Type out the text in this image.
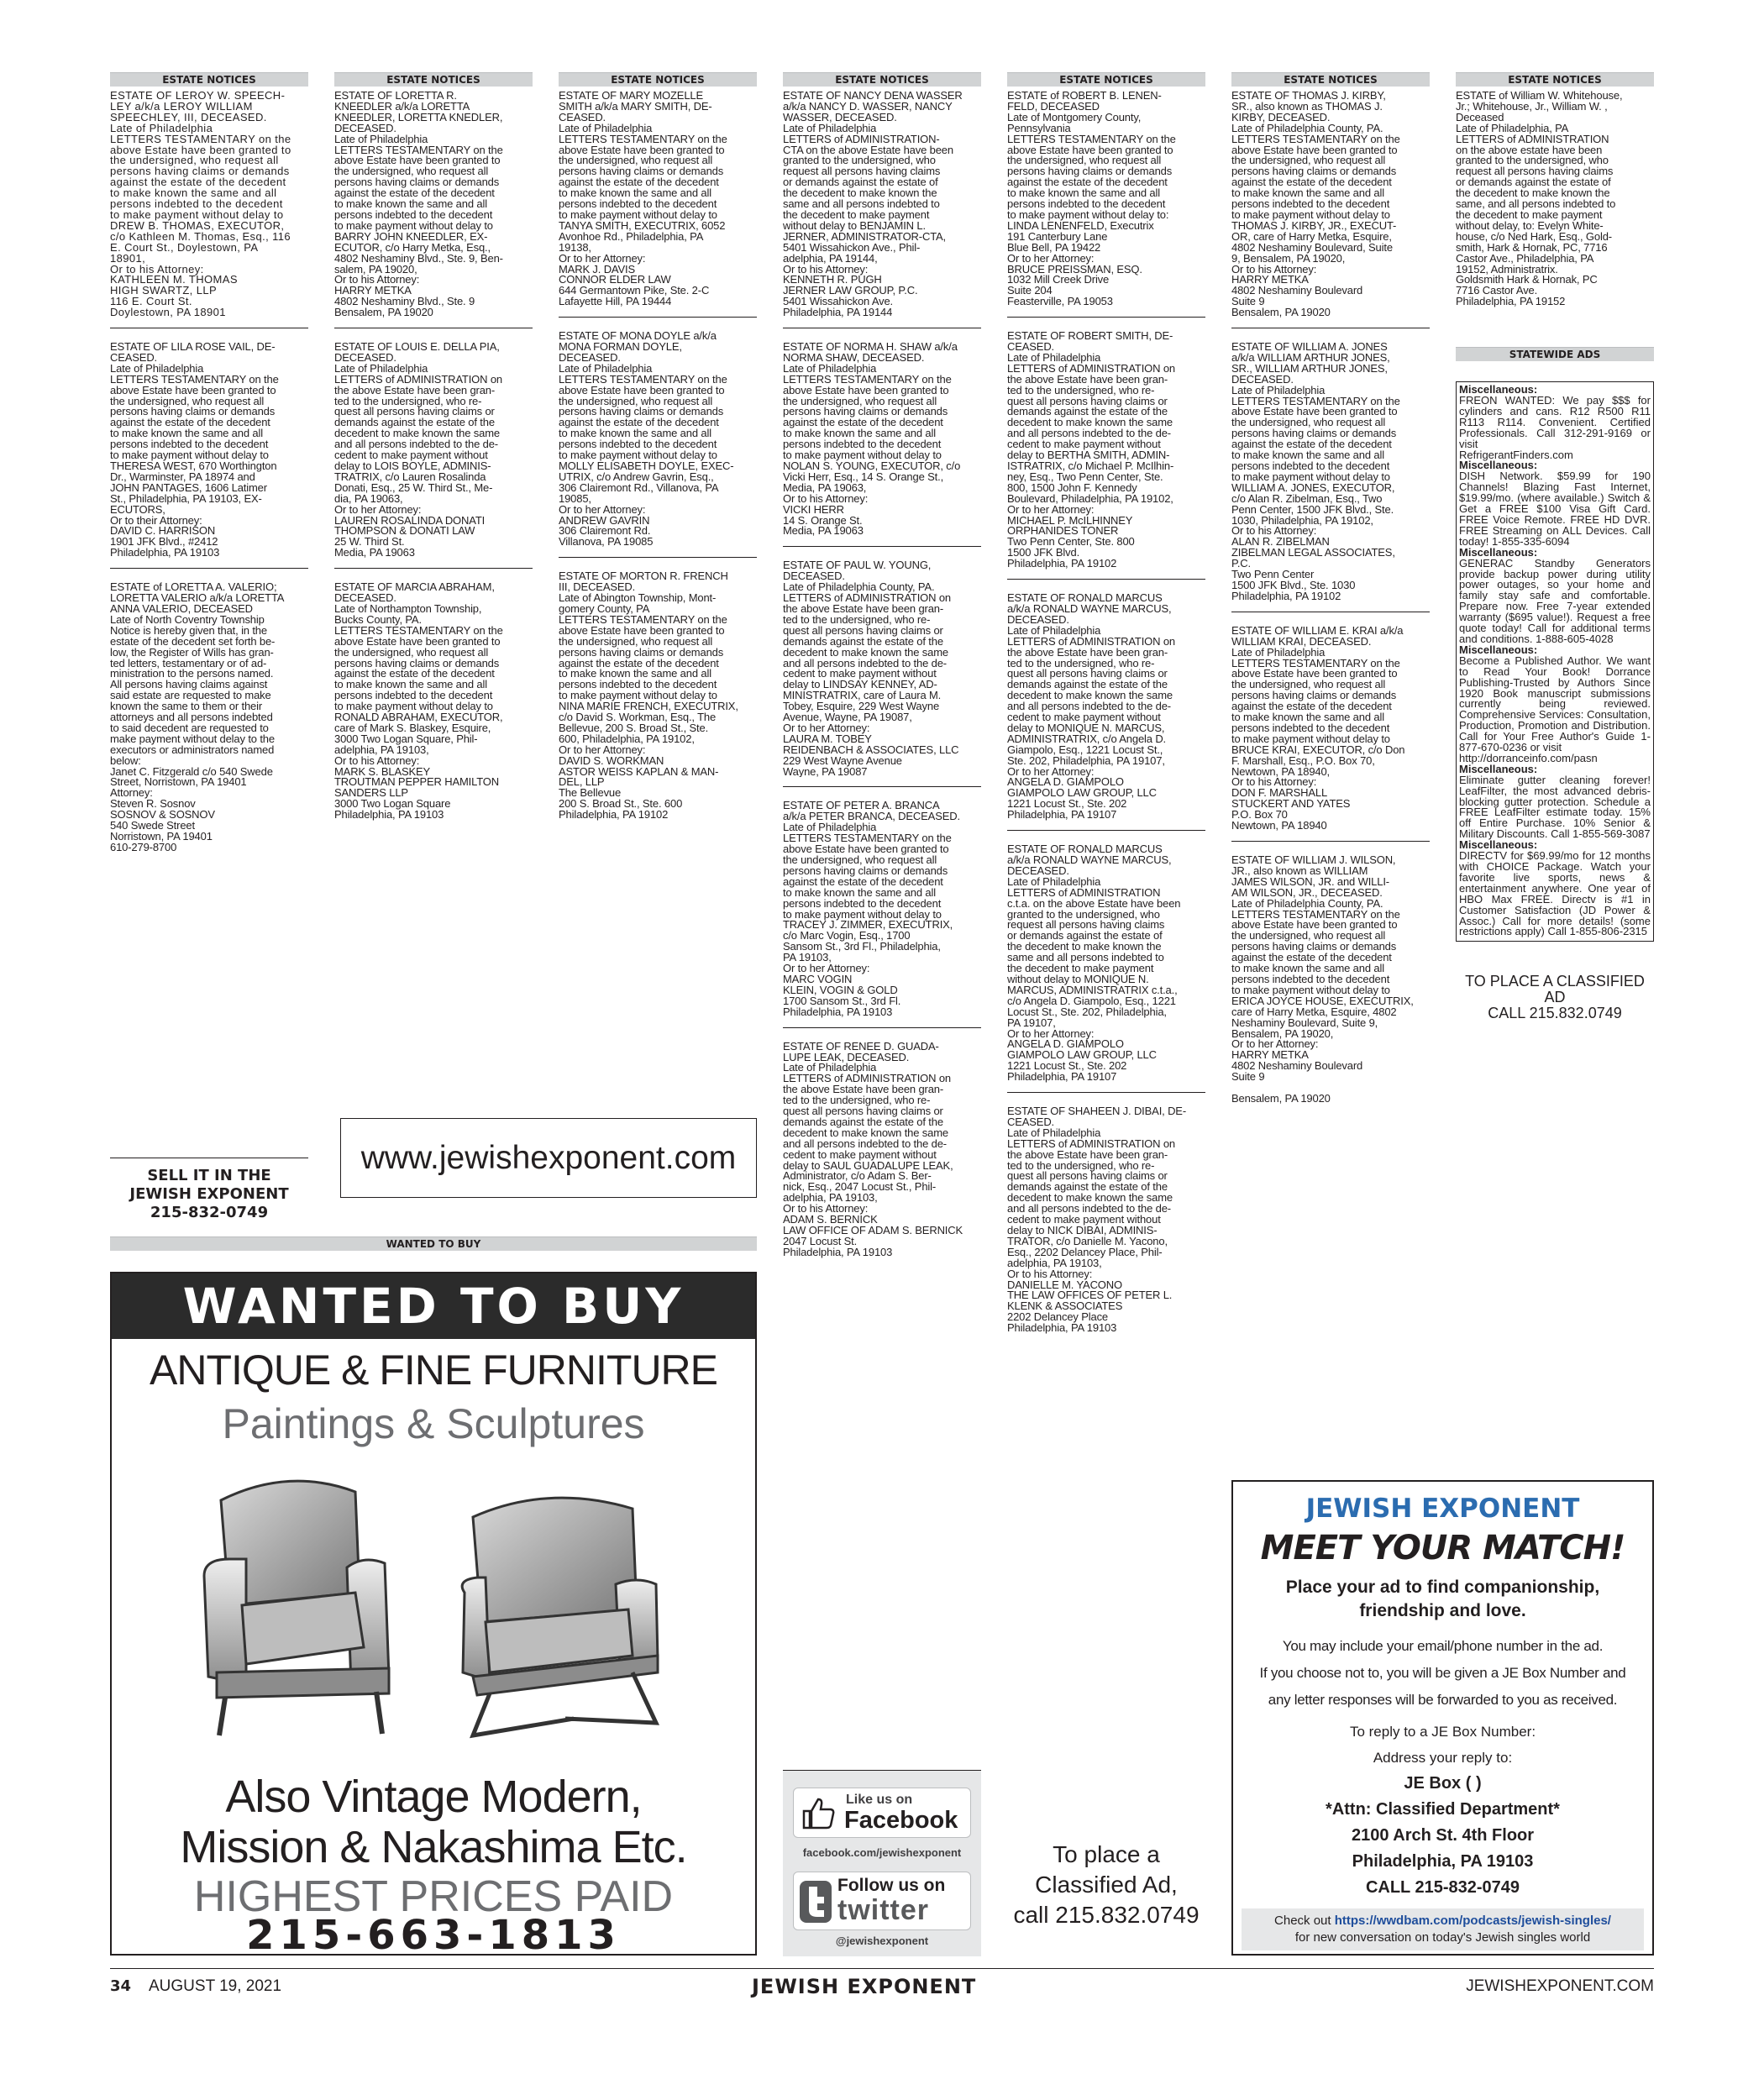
ESTATE NOTICES
ESTATE OF LEROY W. SPEECH-
LEY a/k/a LEROY WILLIAM
SPEECHLEY, III, DECEASED.
Late of Philadelphia
LETTERS TESTAMENTARY on the
above Estate have been granted to
the undersigned, who request all
persons having claims or demands
against the estate of the decedent
to make known the same and all
persons indebted to the decedent
to make payment without delay to
DREW B. THOMAS, EXECUTOR,
c/o Kathleen M. Thomas, Esq., 116
E. Court St., Doylestown, PA
18901,
Or to his Attorney:
KATHLEEN M. THOMAS
HIGH SWARTZ, LLP
116 E. Court St.
Doylestown, PA 18901
ESTATE OF LILA ROSE VAIL, DE-
CEASED.
Late of Philadelphia
LETTERS TESTAMENTARY on the
above Estate have been granted to
the undersigned, who request all
persons having claims or demands
against the estate of the decedent
to make known the same and all
persons indebted to the decedent
to make payment without delay to
THERESA WEST, 670 Worthington
Dr., Warminster, PA 18974 and
JOHN PANTAGES, 1606 Latimer
St., Philadelphia, PA 19103, EX-
ECUTORS,
Or to their Attorney:
DAVID C. HARRISON
1901 JFK Blvd., #2412
Philadelphia, PA 19103
ESTATE of LORETTA A. VALERIO;
LORETTA VALERIO a/k/a LORETTA
ANNA VALERIO, DECEASED
Late of North Coventry Township
Notice is hereby given that, in the
estate of the decedent set forth be-
low, the Register of Wills has gran-
ted letters, testamentary or of ad-
ministration to the persons named.
All persons having claims against
said estate are requested to make
known the same to them or their
attorneys and all persons indebted
to said decedent are requested to
make payment without delay to the
executors or administrators named
below:
Janet C. Fitzgerald c/o 540 Swede
Street, Norristown, PA 19401
Attorney:
Steven R. Sosnov
SOSNOV & SOSNOV
540 Swede Street
Norristown, PA 19401
610-279-8700
ESTATE NOTICES
ESTATE OF LORETTA R.
KNEEDLER a/k/a LORETTA
KNEEDLER, LORETTA KNEDLER,
DECEASED.
Late of Philadelphia
LETTERS TESTAMENTARY on the
above Estate have been granted to
the undersigned, who request all
persons having claims or demands
against the estate of the decedent
to make known the same and all
persons indebted to the decedent
to make payment without delay to
BARRY JOHN KNEEDLER, EX-
ECUTOR, c/o Harry Metka, Esq.,
4802 Neshaminy Blvd., Ste. 9, Ben-
salem, PA 19020,
Or to his Attorney:
HARRY METKA
4802 Neshaminy Blvd., Ste. 9
Bensalem, PA 19020
ESTATE OF LOUIS E. DELLA PIA,
DECEASED.
Late of Philadelphia
LETTERS of ADMINISTRATION on
the above Estate have been gran-
ted to the undersigned, who re-
quest all persons having claims or
demands against the estate of the
decedent to make known the same
and all persons indebted to the de-
cedent to make payment without
delay to LOIS BOYLE, ADMINIS-
TRATRIX, c/o Lauren Rosalinda
Donati, Esq., 25 W. Third St., Me-
dia, PA 19063,
Or to her Attorney:
LAUREN ROSALINDA DONATI
THOMPSON & DONATI LAW
25 W. Third St.
Media, PA 19063
ESTATE OF MARCIA ABRAHAM,
DECEASED.
Late of Northampton Township,
Bucks County, PA.
LETTERS TESTAMENTARY on the
above Estate have been granted to
the undersigned, who request all
persons having claims or demands
against the estate of the decedent
to make known the same and all
persons indebted to the decedent
to make payment without delay to
RONALD ABRAHAM, EXECUTOR,
care of Mark S. Blaskey, Esquire,
3000 Two Logan Square, Phil-
adelphia, PA 19103,
Or to his Attorney:
MARK S. BLASKEY
TROUTMAN PEPPER HAMILTON
SANDERS LLP
3000 Two Logan Square
Philadelphia, PA 19103
ESTATE NOTICES
ESTATE OF MARY MOZELLE
SMITH a/k/a MARY SMITH, DE-
CEASED.
Late of Philadelphia
LETTERS TESTAMENTARY on the
above Estate have been granted to
the undersigned, who request all
persons having claims or demands
against the estate of the decedent
to make known the same and all
persons indebted to the decedent
to make payment without delay to
TANYA SMITH, EXECUTRIX, 6052
Avonhoe Rd., Philadelphia, PA
19138,
Or to her Attorney:
MARK J. DAVIS
CONNOR ELDER LAW
644 Germantown Pike, Ste. 2-C
Lafayette Hill, PA 19444
ESTATE OF MONA DOYLE a/k/a
MONA FORMAN DOYLE,
DECEASED.
Late of Philadelphia
LETTERS TESTAMENTARY on the
above Estate have been granted to
the undersigned, who request all
persons having claims or demands
against the estate of the decedent
to make known the same and all
persons indebted to the decedent
to make payment without delay to
MOLLY ELISABETH DOYLE, EXEC-
UTRIX, c/o Andrew Gavrin, Esq.,
306 Clairemont Rd., Villanova, PA
19085,
Or to her Attorney:
ANDREW GAVRIN
306 Clairemont Rd.
Villanova, PA 19085
ESTATE OF MORTON R. FRENCH
III, DECEASED.
Late of Abington Township, Mont-
gomery County, PA
LETTERS TESTAMENTARY on the
above Estate have been granted to
the undersigned, who request all
persons having claims or demands
against the estate of the decedent
to make known the same and all
persons indebted to the decedent
to make payment without delay to
NINA MARIE FRENCH, EXECUTRIX,
c/o David S. Workman, Esq., The
Bellevue, 200 S. Broad St., Ste.
600, Philadelphia, PA 19102,
Or to her Attorney:
DAVID S. WORKMAN
ASTOR WEISS KAPLAN & MAN-
DEL, LLP
The Bellevue
200 S. Broad St., Ste. 600
Philadelphia, PA 19102
ESTATE NOTICES
ESTATE OF NANCY DENA WASSER
a/k/a NANCY D. WASSER, NANCY
WASSER, DECEASED.
Late of Philadelphia
LETTERS of ADMINISTRATION-
CTA on the above Estate have been
granted to the undersigned, who
request all persons having claims
or demands against the estate of
the decedent to make known the
same and all persons indebted to
the decedent to make payment
without delay to BENJAMIN L.
JERNER, ADMINISTRATOR-CTA,
5401 Wissahickon Ave., Phil-
adelphia, PA 19144,
Or to his Attorney:
KENNETH R. PUGH
JERNER LAW GROUP, P.C.
5401 Wissahickon Ave.
Philadelphia, PA 19144
ESTATE OF NORMA H. SHAW a/k/a
NORMA SHAW, DECEASED.
Late of Philadelphia
LETTERS TESTAMENTARY on the
above Estate have been granted to
the undersigned, who request all
persons having claims or demands
against the estate of the decedent
to make known the same and all
persons indebted to the decedent
to make payment without delay to
NOLAN S. YOUNG, EXECUTOR, c/o
Vicki Herr, Esq., 14 S. Orange St.,
Media, PA 19063,
Or to his Attorney:
VICKI HERR
14 S. Orange St.
Media, PA 19063
ESTATE OF PAUL W. YOUNG,
DECEASED.
Late of Philadelphia County, PA.
LETTERS of ADMINISTRATION on
the above Estate have been gran-
ted to the undersigned, who re-
quest all persons having claims or
demands against the estate of the
decedent to make known the same
and all persons indebted to the de-
cedent to make payment without
delay to LINDSAY KENNEY, AD-
MINISTRATRIX, care of Laura M.
Tobey, Esquire, 229 West Wayne
Avenue, Wayne, PA 19087,
Or to her Attorney:
LAURA M. TOBEY
REIDENBACH & ASSOCIATES, LLC
229 West Wayne Avenue
Wayne, PA 19087
ESTATE OF PETER A. BRANCA
a/k/a PETER BRANCA, DECEASED.
Late of Philadelphia
LETTERS TESTAMENTARY on the
above Estate have been granted to
the undersigned, who request all
persons having claims or demands
against the estate of the decedent
to make known the same and all
persons indebted to the decedent
to make payment without delay to
TRACEY J. ZIMMER, EXECUTRIX,
c/o Marc Vogin, Esq., 1700
Sansom St., 3rd Fl., Philadelphia,
PA 19103,
Or to her Attorney:
MARC VOGIN
KLEIN, VOGIN & GOLD
1700 Sansom St., 3rd Fl.
Philadelphia, PA 19103
ESTATE OF RENEE D. GUADA-
LUPE LEAK, DECEASED.
Late of Philadelphia
LETTERS of ADMINISTRATION on
the above Estate have been gran-
ted to the undersigned, who re-
quest all persons having claims or
demands against the estate of the
decedent to make known the same
and all persons indebted to the de-
cedent to make payment without
delay to SAUL GUADALUPE LEAK,
Administrator, c/o Adam S. Ber-
nick, Esq., 2047 Locust St., Phil-
adelphia, PA 19103,
Or to his Attorney:
ADAM S. BERNICK
LAW OFFICE OF ADAM S. BERNICK
2047 Locust St.
Philadelphia, PA 19103
ESTATE NOTICES
ESTATE of ROBERT B. LENEN-
FELD, DECEASED
Late of Montgomery County,
Pennsylvania
LETTERS TESTAMENTARY on the
above Estate have been granted to
the undersigned, who request all
persons having claims or demands
against the estate of the decedent
to make known the same and all
persons indebted to the decedent
to make payment without delay to:
LINDA LENENFELD, Executrix
191 Canterbury Lane
Blue Bell, PA 19422
Or to her Attorney:
BRUCE PREISSMAN, ESQ.
1032 Mill Creek Drive
Suite 204
Feasterville, PA 19053
ESTATE OF ROBERT SMITH, DE-
CEASED.
Late of Philadelphia
LETTERS of ADMINISTRATION on
the above Estate have been gran-
ted to the undersigned, who re-
quest all persons having claims or
demands against the estate of the
decedent to make known the same
and all persons indebted to the de-
cedent to make payment without
delay to BERTHA SMITH, ADMIN-
ISTRATRIX, c/o Michael P. McIlhin-
ney, Esq., Two Penn Center, Ste.
800, 1500 John F. Kennedy
Boulevard, Philadelphia, PA 19102,
Or to her Attorney:
MICHAEL P. McILHINNEY
ORPHANIDES TONER
Two Penn Center, Ste. 800
1500 JFK Blvd.
Philadelphia, PA 19102
ESTATE OF RONALD MARCUS
a/k/a RONALD WAYNE MARCUS,
DECEASED.
Late of Philadelphia
LETTERS of ADMINISTRATION on
the above Estate have been gran-
ted to the undersigned, who re-
quest all persons having claims or
demands against the estate of the
decedent to make known the same
and all persons indebted to the de-
cedent to make payment without
delay to MONIQUE N. MARCUS,
ADMINISTRATRIX, c/o Angela D.
Giampolo, Esq., 1221 Locust St.,
Ste. 202, Philadelphia, PA 19107,
Or to her Attorney:
ANGELA D. GIAMPOLO
GIAMPOLO LAW GROUP, LLC
1221 Locust St., Ste. 202
Philadelphia, PA 19107
ESTATE OF RONALD MARCUS
a/k/a RONALD WAYNE MARCUS,
DECEASED.
Late of Philadelphia
LETTERS of ADMINISTRATION
c.t.a. on the above Estate have been
granted to the undersigned, who
request all persons having claims
or demands against the estate of
the decedent to make known the
same and all persons indebted to
the decedent to make payment
without delay to MONIQUE N.
MARCUS, ADMINISTRATRIX c.t.a.,
c/o Angela D. Giampolo, Esq., 1221
Locust St., Ste. 202, Philadelphia,
PA 19107,
Or to her Attorney:
ANGELA D. GIAMPOLO
GIAMPOLO LAW GROUP, LLC
1221 Locust St., Ste. 202
Philadelphia, PA 19107
ESTATE OF SHAHEEN J. DIBAI, DE-
CEASED.
Late of Philadelphia
LETTERS of ADMINISTRATION on
the above Estate have been gran-
ted to the undersigned, who re-
quest all persons having claims or
demands against the estate of the
decedent to make known the same
and all persons indebted to the de-
cedent to make payment without
delay to NICK DIBAI, ADMINIS-
TRATOR, c/o Danielle M. Yacono,
Esq., 2202 Delancey Place, Phil-
adelphia, PA 19103,
Or to his Attorney:
DANIELLE M. YACONO
THE LAW OFFICES OF PETER L.
KLENK & ASSOCIATES
2202 Delancey Place
Philadelphia, PA 19103
ESTATE NOTICES
ESTATE OF THOMAS J. KIRBY,
SR., also known as THOMAS J.
KIRBY, DECEASED.
Late of Philadelphia County, PA.
LETTERS TESTAMENTARY on the
above Estate have been granted to
the undersigned, who request all
persons having claims or demands
against the estate of the decedent
to make known the same and all
persons indebted to the decedent
to make payment without delay to
THOMAS J. KIRBY, JR., EXECUT-
OR, care of Harry Metka, Esquire,
4802 Neshaminy Boulevard, Suite
9, Bensalem, PA 19020,
Or to his Attorney:
HARRY METKA
4802 Neshaminy Boulevard
Suite 9
Bensalem, PA 19020
ESTATE OF WILLIAM A. JONES
a/k/a WILLIAM ARTHUR JONES,
SR., WILLIAM ARTHUR JONES,
DECEASED.
Late of Philadelphia
LETTERS TESTAMENTARY on the
above Estate have been granted to
the undersigned, who request all
persons having claims or demands
against the estate of the decedent
to make known the same and all
persons indebted to the decedent
to make payment without delay to
WILLIAM A. JONES, EXECUTOR,
c/o Alan R. Zibelman, Esq., Two
Penn Center, 1500 JFK Blvd., Ste.
1030, Philadelphia, PA 19102,
Or to his Attorney:
ALAN R. ZIBELMAN
ZIBELMAN LEGAL ASSOCIATES,
P.C.
Two Penn Center
1500 JFK Blvd., Ste. 1030
Philadelphia, PA 19102
ESTATE OF WILLIAM E. KRAI a/k/a
WILLIAM KRAI, DECEASED.
Late of Philadelphia
LETTERS TESTAMENTARY on the
above Estate have been granted to
the undersigned, who request all
persons having claims or demands
against the estate of the decedent
to make known the same and all
persons indebted to the decedent
to make payment without delay to
BRUCE KRAI, EXECUTOR, c/o Don
F. Marshall, Esq., P.O. Box 70,
Newtown, PA 18940,
Or to his Attorney:
DON F. MARSHALL
STUCKERT AND YATES
P.O. Box 70
Newtown, PA 18940
ESTATE OF WILLIAM J. WILSON,
JR., also known as WILLIAM
JAMES WILSON, JR. and WILLI-
AM WILSON, JR., DECEASED.
Late of Philadelphia County, PA.
LETTERS TESTAMENTARY on the
above Estate have been granted to
the undersigned, who request all
persons having claims or demands
against the estate of the decedent
to make known the same and all
persons indebted to the decedent
to make payment without delay to
ERICA JOYCE HOUSE, EXECUTRIX,
care of Harry Metka, Esquire, 4802
Neshaminy Boulevard, Suite 9,
Bensalem, PA 19020,
Or to her Attorney:
HARRY METKA
4802 Neshaminy Boulevard
Suite 9

Bensalem, PA 19020
ESTATE NOTICES
ESTATE of William W. Whitehouse,
Jr.; Whitehouse, Jr., William W. ,
Deceased
Late of Philadelphia, PA
LETTERS of ADMINISTRATION
on the above estate have been
granted to the undersigned, who
request all persons having claims
or demands against the estate of
the decedent to make known the
same, and all persons indebted to
the decedent to make payment
without delay, to: Evelyn White-
house, c/o Ned Hark, Esq., Gold-
smith, Hark & Hornak, PC, 7716
Castor Ave., Philadelphia, PA
19152, Administratrix.
Goldsmith Hark & Hornak, PC
7716 Castor Ave.
Philadelphia, PA 19152
STATEWIDE ADS
Miscellaneous:
FREON WANTED: We pay $$$ for cylinders and cans. R12 R500 R11 R113 R114. Convenient. Certified Professionals. Call 312-291-9169 or visit
RefrigerantFinders.com
Miscellaneous:
DISH Network. $59.99 for 190 Channels! Blazing Fast Internet, $19.99/mo. (where available.) Switch & Get a FREE $100 Visa Gift Card. FREE Voice Remote. FREE HD DVR. FREE Streaming on ALL Devices. Call today! 1-855-335-6094
Miscellaneous:
GENERAC Standby Generators provide backup power during utility power outages, so your home and family stay safe and comfortable. Prepare now. Free 7-year extended warranty ($695 value!). Request a free quote today! Call for additional terms and conditions. 1-888-605-4028
Miscellaneous:
Become a Published Author. We want to Read Your Book! Dorrance Publishing-Trusted by Authors Since 1920 Book manuscript submissions currently being reviewed. Comprehensive Services: Consultation, Production, Promotion and Distribution. Call for Your Free Author's Guide 1-877-670-0236 or visit
http://dorranceinfo.com/pasn
Miscellaneous:
Eliminate gutter cleaning forever! LeafFilter, the most advanced debris-blocking gutter protection. Schedule a FREE LeafFilter estimate today. 15% off Entire Purchase. 10% Senior & Military Discounts. Call 1-855-569-3087
Miscellaneous:
DIRECTV for $69.99/mo for 12 months with CHOICE Package. Watch your favorite live sports, news & entertainment anywhere. One year of HBO Max FREE. Directv is #1 in Customer Satisfaction (JD Power & Assoc.) Call for more details! (some restrictions apply) Call 1-855-806-2315
TO PLACE A CLASSIFIED AD
CALL 215.832.0749
SELL IT IN THE
JEWISH EXPONENT
215-832-0749
www.jewishexponent.com
WANTED TO BUY
WANTED TO BUY
ANTIQUE & FINE FURNITURE
Paintings & Sculptures
Also Vintage Modern,
Mission & Nakashima Etc.
HIGHEST PRICES PAID
215-663-1813
Like us on
Facebook
facebook.com/jewishexponent
Follow us on
twitter
@jewishexponent
To place a
Classified Ad,
call 215.832.0749
JEWISH EXPONENT
MEET YOUR MATCH!
Place your ad to find companionship,
friendship and love.
You may include your email/phone number in the ad.
If you choose not to, you will be given a JE Box Number and
any letter responses will be forwarded to you as received.
To reply to a JE Box Number:
Address your reply to:
JE Box ( )
*Attn: Classified Department*
2100 Arch St. 4th Floor
Philadelphia, PA 19103
CALL 215-832-0749
Check out https://wwdbam.com/podcasts/jewish-singles/
for new conversation on today's Jewish singles world
34 AUGUST 19, 2021	JEWISH EXPONENT	JEWISHEXPONENT.COM
